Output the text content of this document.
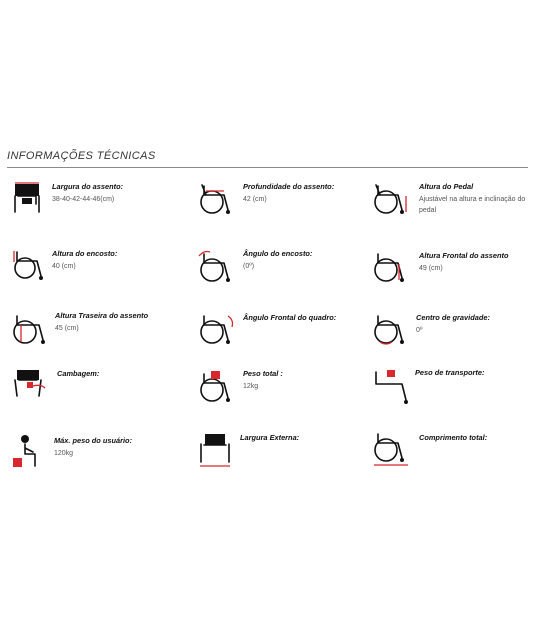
INFORMAÇÕES TÉCNICAS
Largura do assento:
38-40-42-44-46(cm)
Profundidade do assento:
42 (cm)
Altura do Pedal
Ajustável na altura e inclinação do pedal
Altura do encosto:
40 (cm)
Ângulo do encosto:
(0º)
Altura Frontal do assento
49 (cm)
Altura Traseira do assento
45 (cm)
Ângulo Frontal do quadro:	Centro de gravidade:
0º
Cambagem:	Peso total :
12kg
Peso de transporte:
Máx. peso do usuário:
120kg
Largura Externa:	Comprimento total:
